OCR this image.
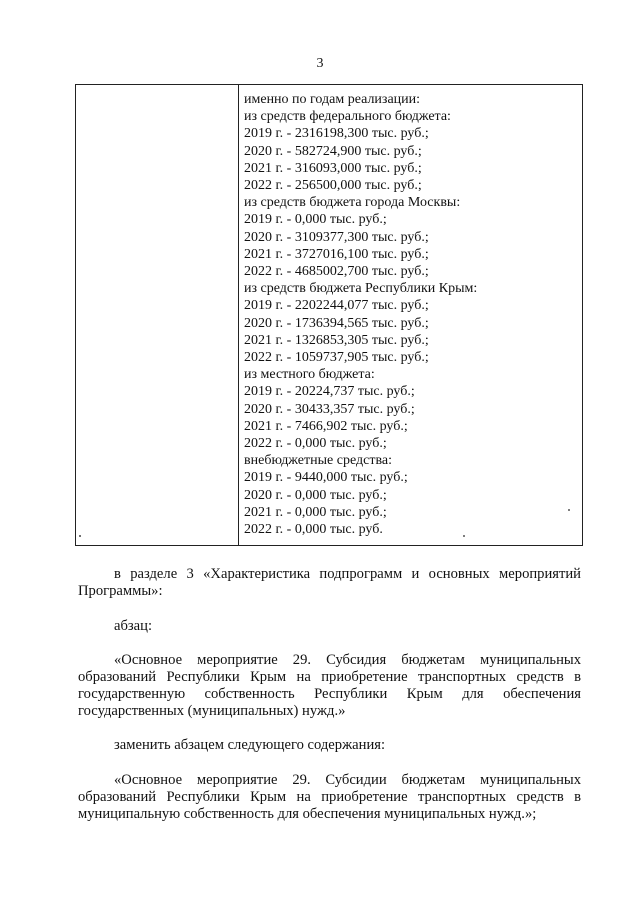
3
именно по годам реализации:
из средств федерального бюджета:
2019 г. - 2316198,300 тыс. руб.;
2020 г. - 582724,900 тыс. руб.;
2021 г. - 316093,000 тыс. руб.;
2022 г. - 256500,000 тыс. руб.;
из средств бюджета города Москвы:
2019 г. - 0,000 тыс. руб.;
2020 г. - 3109377,300 тыс. руб.;
2021 г. - 3727016,100 тыс. руб.;
2022 г. - 4685002,700 тыс. руб.;
из средств бюджета Республики Крым:
2019 г. - 2202244,077 тыс. руб.;
2020 г. - 1736394,565 тыс. руб.;
2021 г. - 1326853,305 тыс. руб.;
2022 г. - 1059737,905 тыс. руб.;
из местного бюджета:
2019 г. - 20224,737 тыс. руб.;
2020 г. - 30433,357 тыс. руб.;
2021 г. - 7466,902 тыс. руб.;
2022 г. - 0,000 тыс. руб.;
внебюджетные средства:
2019 г. - 9440,000 тыс. руб.;
2020 г. - 0,000 тыс. руб.;
2021 г. - 0,000 тыс. руб.;
2022 г. - 0,000 тыс. руб.
в разделе 3 «Характеристика подпрограмм и основных мероприятий Программы»:
абзац:
«Основное мероприятие 29. Субсидия бюджетам муниципальных образований Республики Крым на приобретение транспортных средств в государственную собственность Республики Крым для обеспечения государственных (муниципальных) нужд.»
заменить абзацем следующего содержания:
«Основное мероприятие 29. Субсидии бюджетам муниципальных образований Республики Крым на приобретение транспортных средств в муниципальную собственность для обеспечения муниципальных нужд.»;
